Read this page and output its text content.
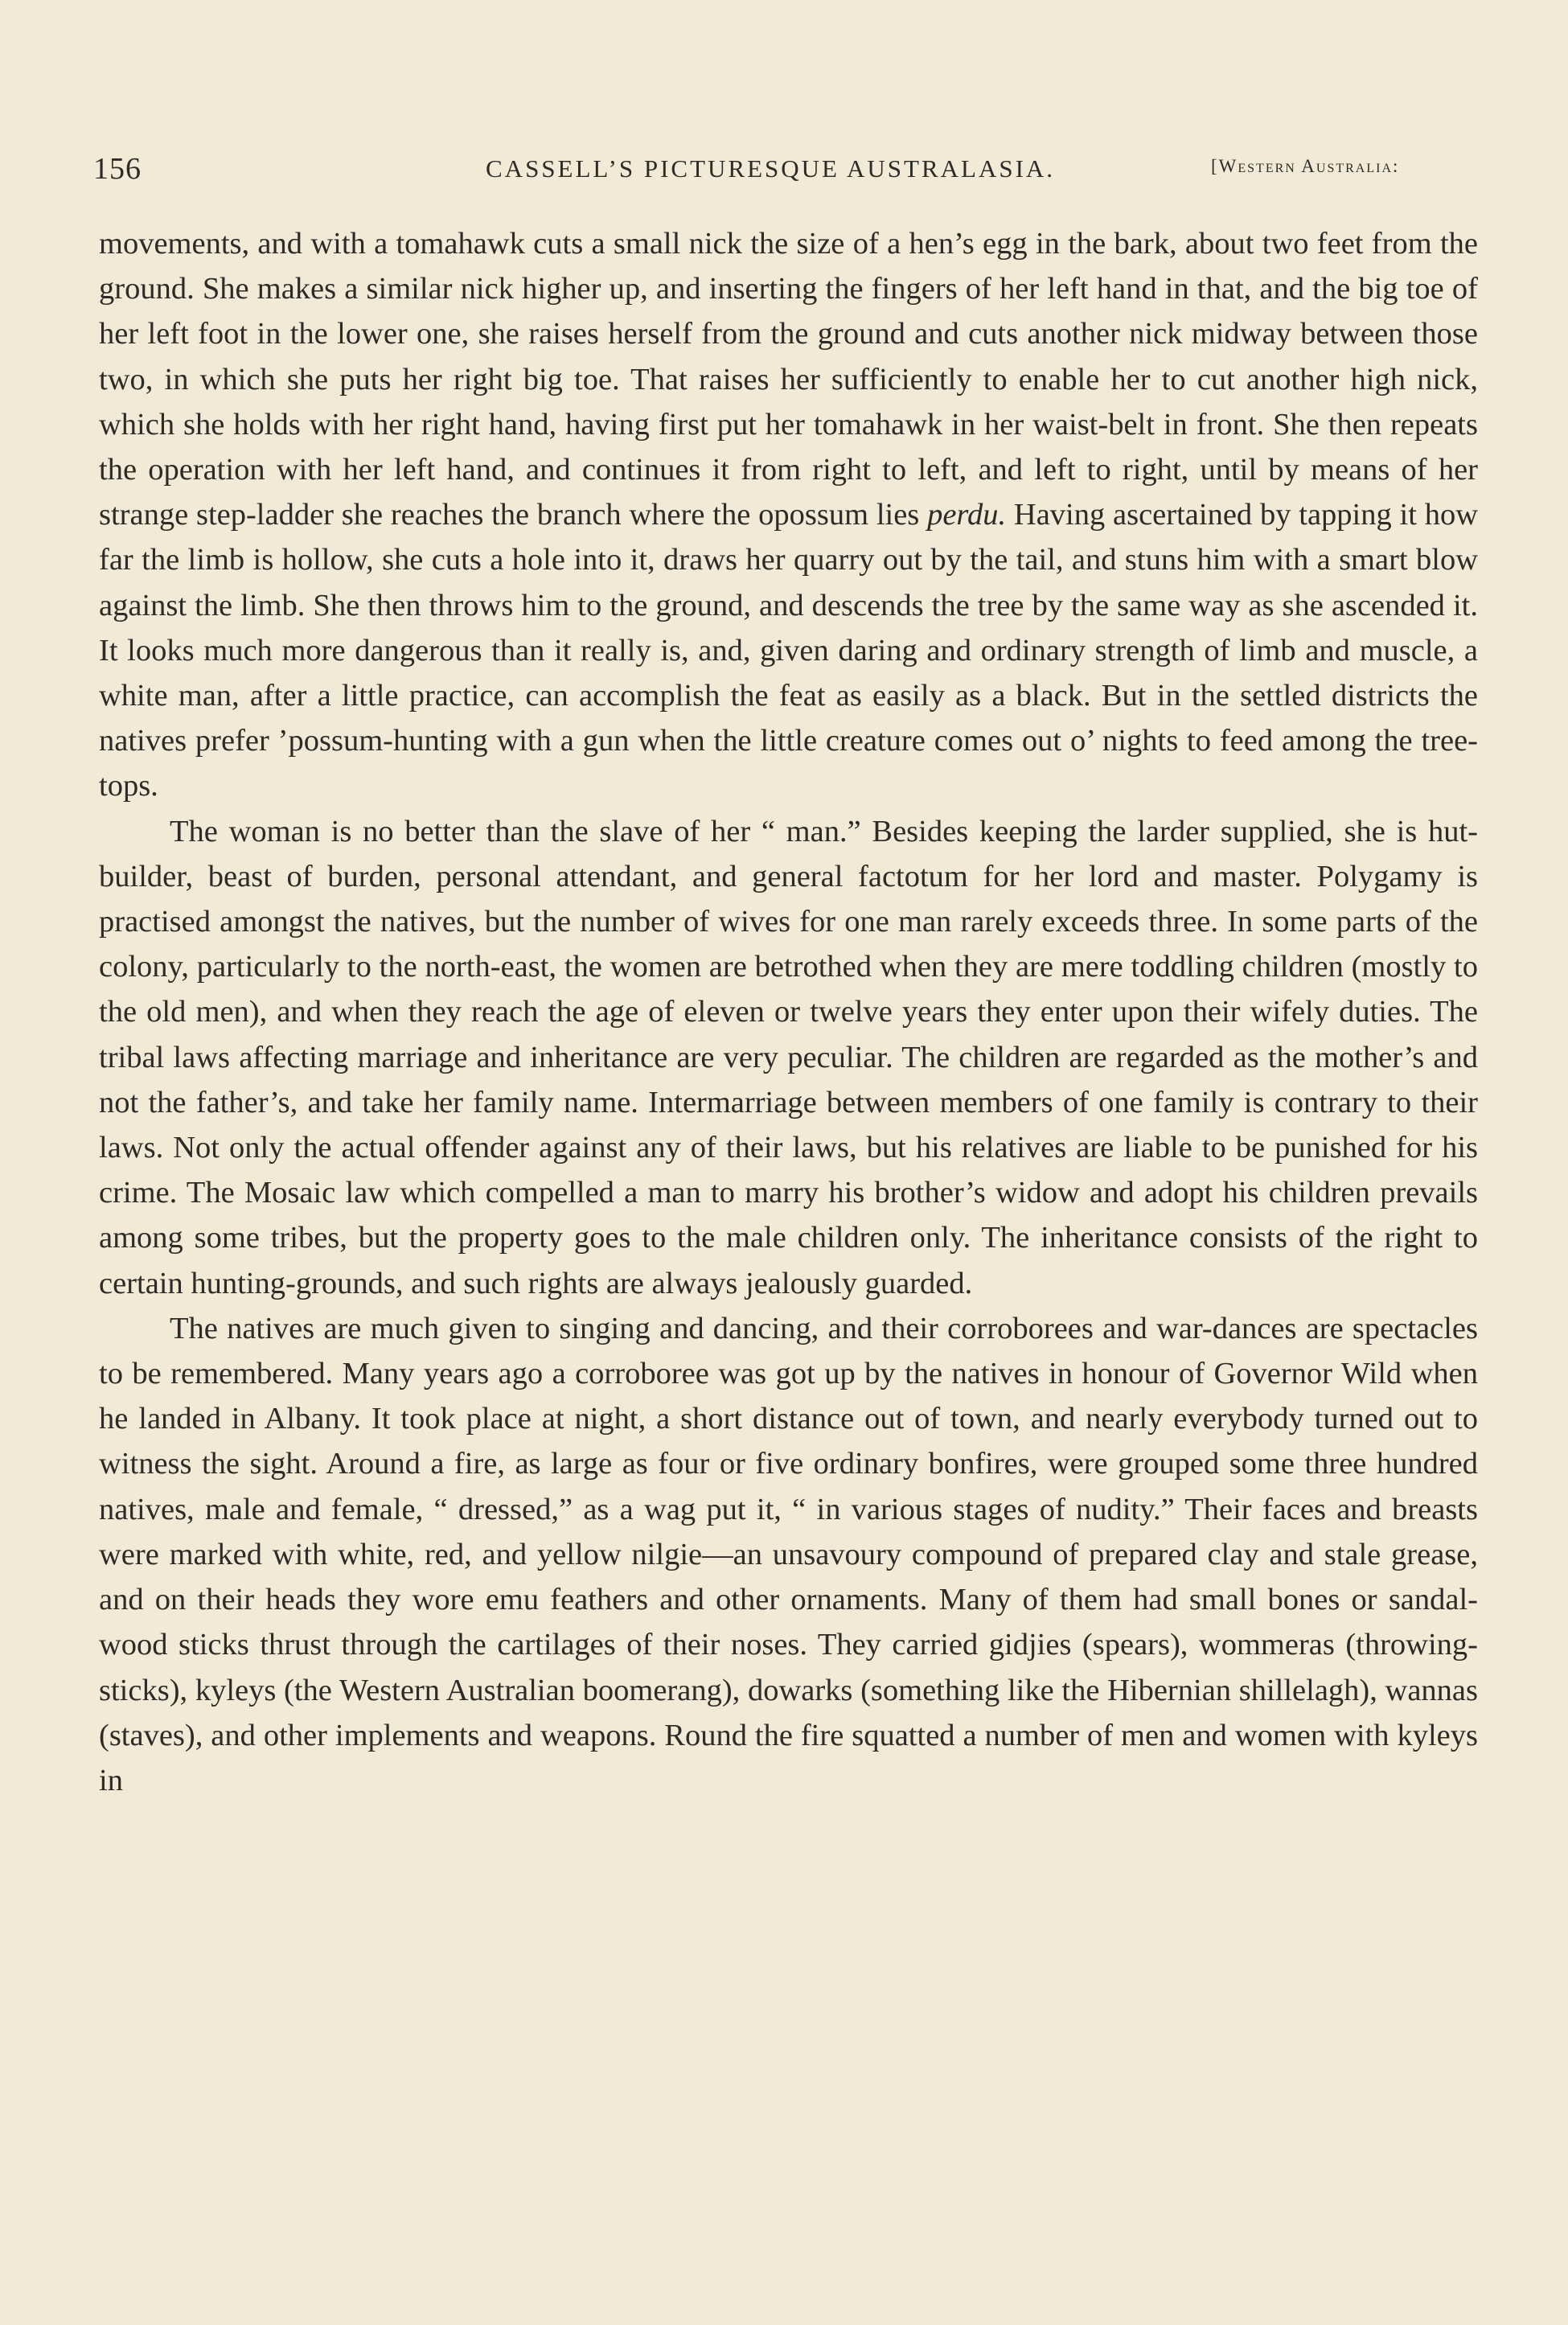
156	CASSELL’S PICTURESQUE AUSTRALASIA.	[Western Australia:

movements, and with a tomahawk cuts a small nick the size of a hen’s egg in the bark, about two feet from the ground. She makes a similar nick higher up, and inserting the fingers of her left hand in that, and the big toe of her left foot in the lower one, she raises herself from the ground and cuts another nick midway between those two, in which she puts her right big toe. That raises her sufficiently to enable her to cut another high nick, which she holds with her right hand, having first put her tomahawk in her waist-belt in front. She then repeats the operation with her left hand, and continues it from right to left, and left to right, until by means of her strange step-ladder she reaches the branch where the opossum lies perdu. Having ascertained by tapping it how far the limb is hollow, she cuts a hole into it, draws her quarry out by the tail, and stuns him with a smart blow against the limb. She then throws him to the ground, and descends the tree by the same way as she ascended it. It looks much more dangerous than it really is, and, given daring and ordinary strength of limb and muscle, a white man, after a little practice, can accomplish the feat as easily as a black. But in the settled districts the natives prefer ’possum-hunting with a gun when the little creature comes out o’ nights to feed among the tree-tops.

The woman is no better than the slave of her “ man.” Besides keeping the larder supplied, she is hut-builder, beast of burden, personal attendant, and general factotum for her lord and master. Polygamy is practised amongst the natives, but the number of wives for one man rarely exceeds three. In some parts of the colony, particularly to the north-east, the women are betrothed when they are mere toddling children (mostly to the old men), and when they reach the age of eleven or twelve years they enter upon their wifely duties. The tribal laws affecting marriage and inheritance are very peculiar. The children are regarded as the mother’s and not the father’s, and take her family name. Intermarriage between members of one family is contrary to their laws. Not only the actual offender against any of their laws, but his relatives are liable to be punished for his crime. The Mosaic law which compelled a man to marry his brother’s widow and adopt his children prevails among some tribes, but the property goes to the male children only. The inheritance consists of the right to certain hunting-grounds, and such rights are always jealously guarded.

The natives are much given to singing and dancing, and their corroborees and war-dances are spectacles to be remembered. Many years ago a corroboree was got up by the natives in honour of Governor Wild when he landed in Albany. It took place at night, a short distance out of town, and nearly everybody turned out to witness the sight. Around a fire, as large as four or five ordinary bonfires, were grouped some three hundred natives, male and female, “ dressed,” as a wag put it, “ in various stages of nudity.” Their faces and breasts were marked with white, red, and yellow nilgie—an unsavoury compound of prepared clay and stale grease, and on their heads they wore emu feathers and other ornaments. Many of them had small bones or sandal-wood sticks thrust through the cartilages of their noses. They carried gidjies (spears), wommeras (throwing-sticks), kyleys (the Western Australian boomerang), dowarks (something like the Hibernian shillelagh), wannas (staves), and other implements and weapons. Round the fire squatted a number of men and women with kyleys in
